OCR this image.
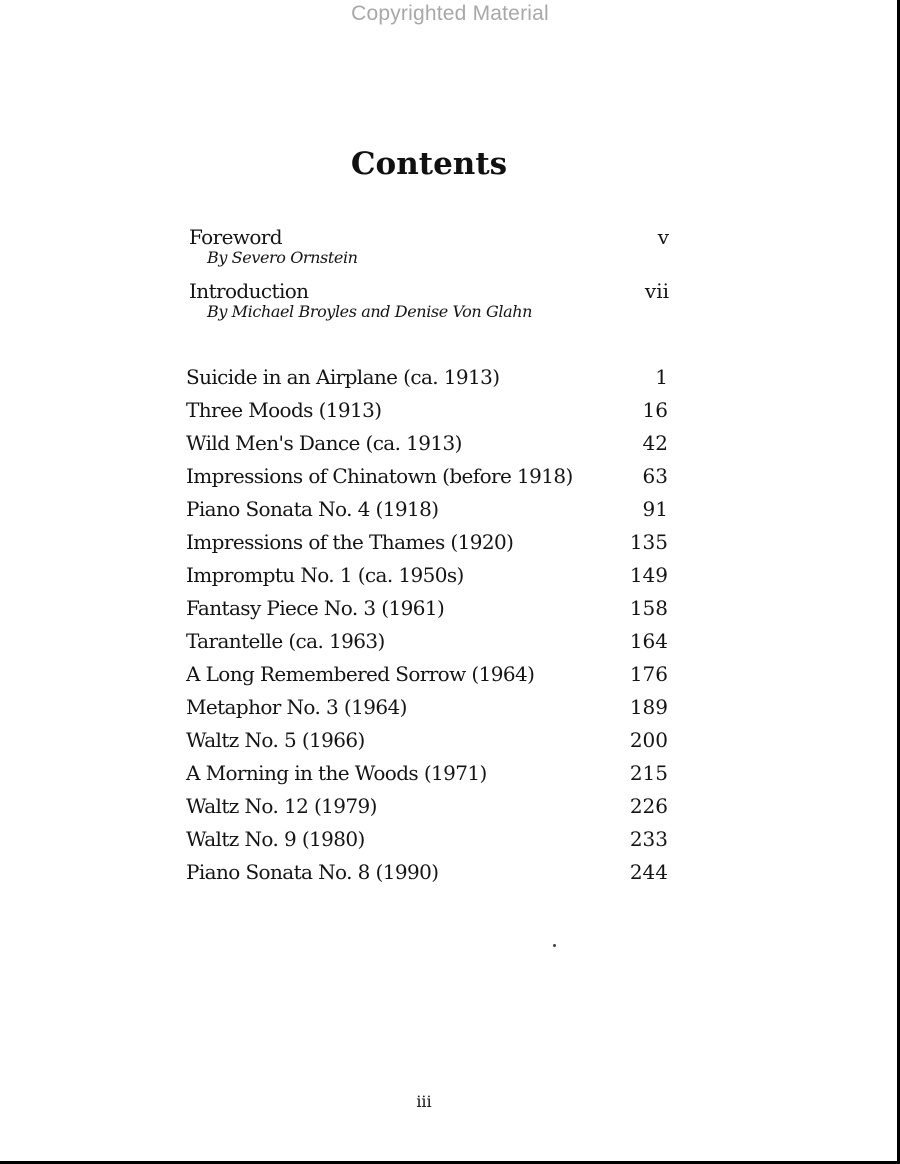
Copyrighted Material
Contents
Foreword	v
By Severo Ornstein
Introduction	vii
By Michael Broyles and Denise Von Glahn
Suicide in an Airplane (ca. 1913)	1
Three Moods (1913)	16
Wild Men's Dance (ca. 1913)	42
Impressions of Chinatown (before 1918)	63
Piano Sonata No. 4 (1918)	91
Impressions of the Thames (1920)	135
Impromptu No. 1 (ca. 1950s)	149
Fantasy Piece No. 3 (1961)	158
Tarantelle (ca. 1963)	164
A Long Remembered Sorrow (1964)	176
Metaphor No. 3 (1964)	189
Waltz No. 5 (1966)	200
A Morning in the Woods (1971)	215
Waltz No. 12 (1979)	226
Waltz No. 9 (1980)	233
Piano Sonata No. 8 (1990)	244
iii
